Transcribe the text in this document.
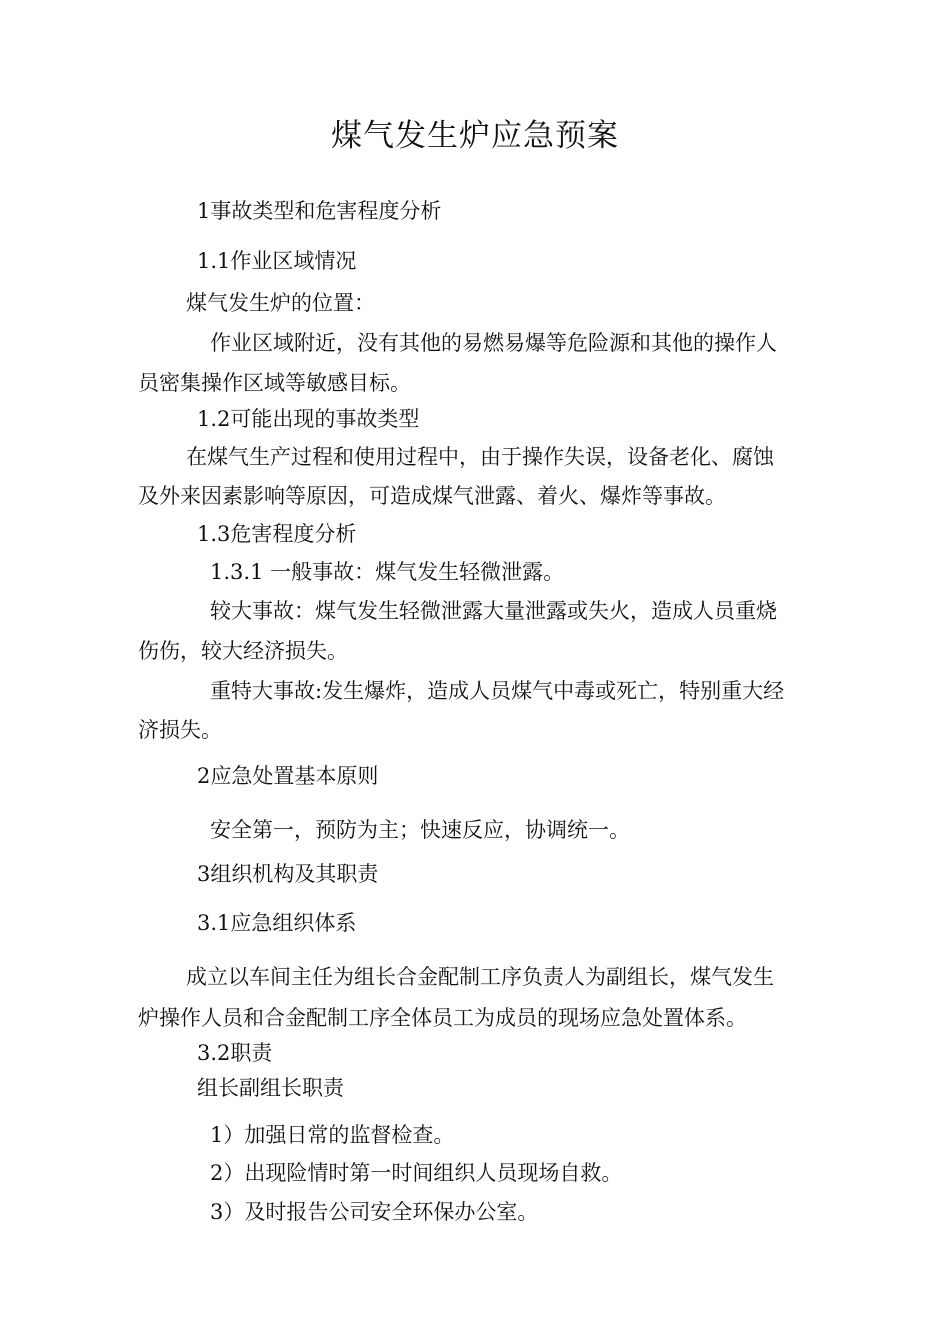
煤气发生炉应急预案
1事故类型和危害程度分析
1.1作业区域情况
煤气发生炉的位置：
作业区域附近，没有其他的易燃易爆等危险源和其他的操作人
员密集操作区域等敏感目标。
1.2可能出现的事故类型
在煤气生产过程和使用过程中，由于操作失误，设备老化、腐蚀
及外来因素影响等原因，可造成煤气泄露、着火、爆炸等事故。
1.3危害程度分析
1.3.1 一般事故：煤气发生轻微泄露。
较大事故：煤气发生轻微泄露大量泄露或失火，造成人员重烧
伤伤，较大经济损失。
重特大事故:发生爆炸，造成人员煤气中毒或死亡，特别重大经
济损失。
2应急处置基本原则
安全第一，预防为主；快速反应，协调统一。
3组织机构及其职责
3.1应急组织体系
成立以车间主任为组长合金配制工序负责人为副组长，煤气发生
炉操作人员和合金配制工序全体员工为成员的现场应急处置体系。
3.2职责
组长副组长职责
1）加强日常的监督检查。
2）出现险情时第一时间组织人员现场自救。
3）及时报告公司安全环保办公室。
